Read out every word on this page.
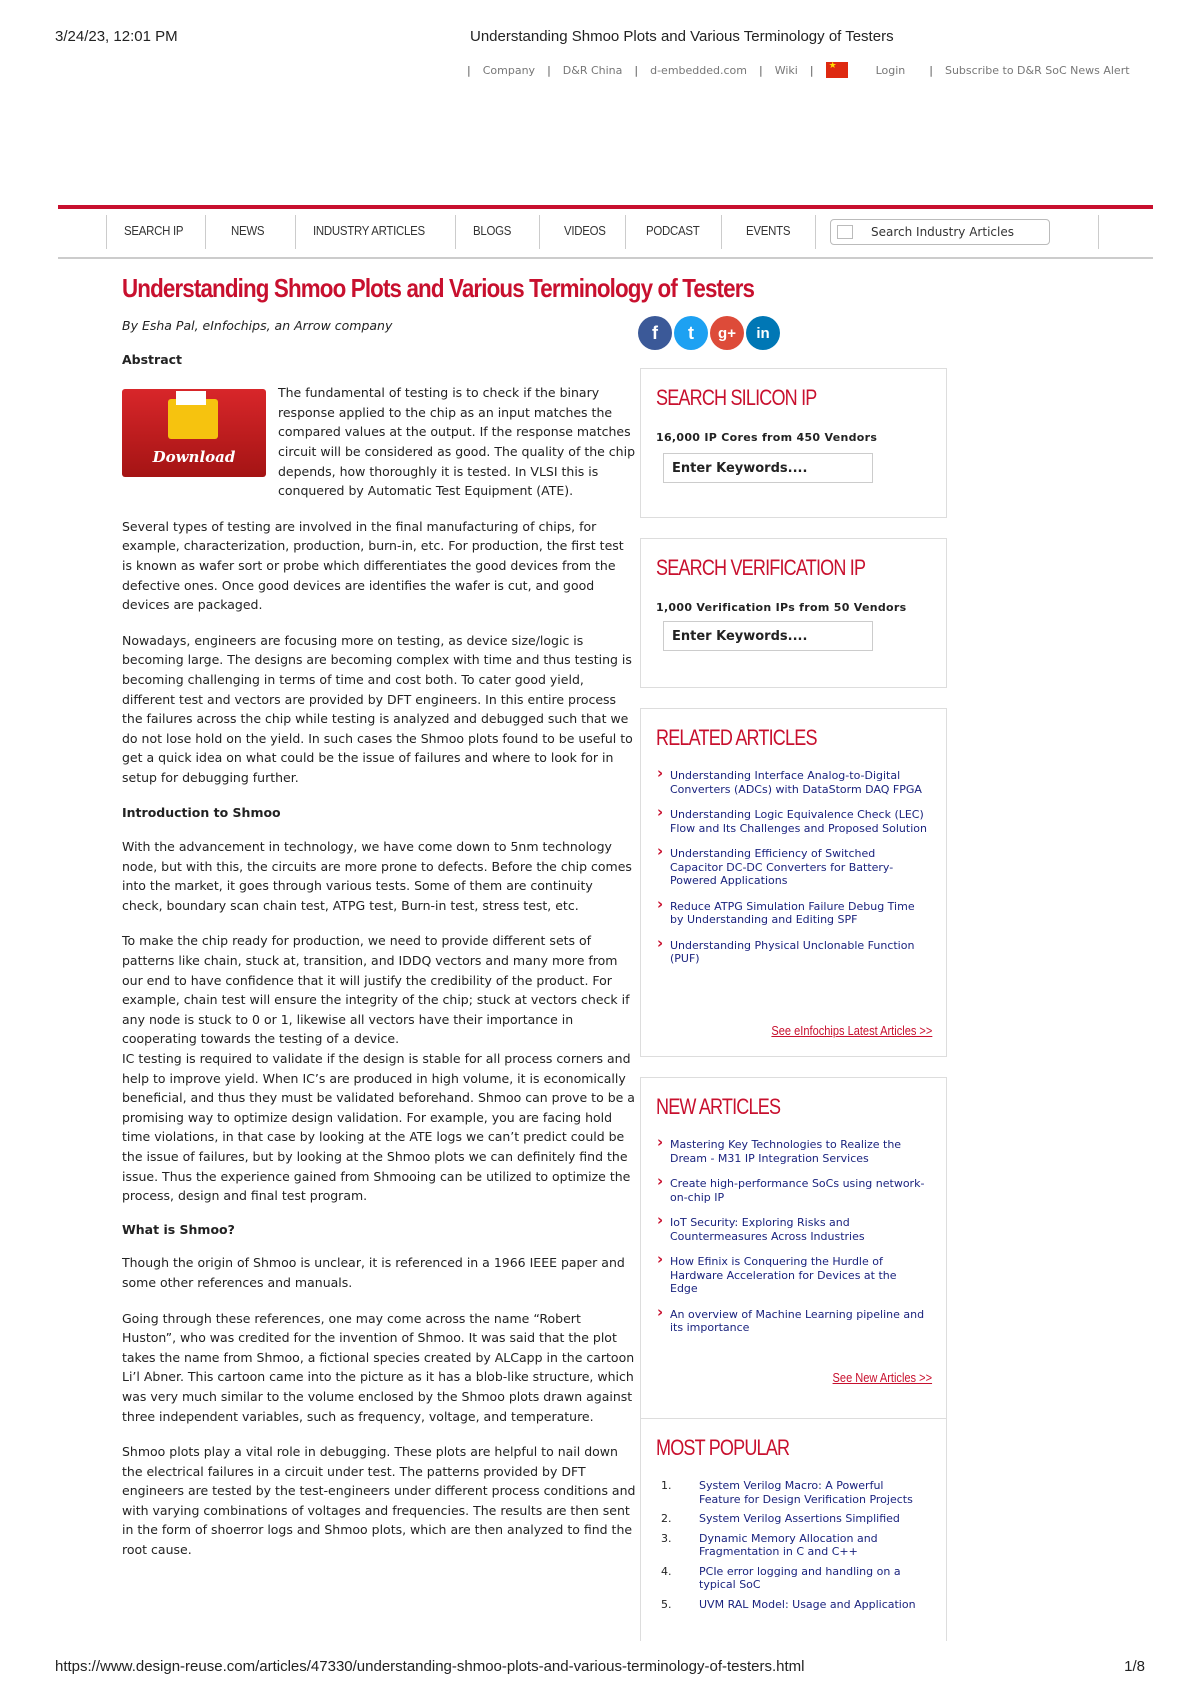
3/24/23, 12:01 PM	Understanding Shmoo Plots and Various Terminology of Testers
| Company | D&R China | d-embedded.com | Wiki |
★	Login | Subscribe to D&R SoC News Alert
SEARCH IP	NEWS	INDUSTRY ARTICLES	BLOGS	VIDEOS	PODCAST	EVENTS	Search Industry Articles
Understanding Shmoo Plots and Various Terminology of Testers
By Esha Pal, eInfochips, an Arrow company
Abstract
Download

The fundamental of testing is to check if the binary response applied to the chip as an input matches the compared values at the output. If the response matches circuit will be considered as good. The quality of the chip depends, how thoroughly it is tested. In VLSI this is conquered by Automatic Test Equipment (ATE).

Several types of testing are involved in the final manufacturing of chips, for example, characterization, production, burn-in, etc. For production, the first test is known as wafer sort or probe which differentiates the good devices from the defective ones. Once good devices are identifies the wafer is cut, and good devices are packaged.

Nowadays, engineers are focusing more on testing, as device size/logic is becoming large. The designs are becoming complex with time and thus testing is becoming challenging in terms of time and cost both. To cater good yield, different test and vectors are provided by DFT engineers. In this entire process the failures across the chip while testing is analyzed and debugged such that we do not lose hold on the yield. In such cases the Shmoo plots found to be useful to get a quick idea on what could be the issue of failures and where to look for in setup for debugging further.

Introduction to Shmoo

With the advancement in technology, we have come down to 5nm technology node, but with this, the circuits are more prone to defects. Before the chip comes into the market, it goes through various tests. Some of them are continuity check, boundary scan chain test, ATPG test, Burn-in test, stress test, etc.

To make the chip ready for production, we need to provide different sets of patterns like chain, stuck at, transition, and IDDQ vectors and many more from our end to have confidence that it will justify the credibility of the product. For example, chain test will ensure the integrity of the chip; stuck at vectors check if any node is stuck to 0 or 1, likewise all vectors have their importance in cooperating towards the testing of a device.

IC testing is required to validate if the design is stable for all process corners and help to improve yield. When IC’s are produced in high volume, it is economically beneficial, and thus they must be validated beforehand. Shmoo can prove to be a promising way to optimize design validation. For example, you are facing hold time violations, in that case by looking at the ATE logs we can’t predict could be the issue of failures, but by looking at the Shmoo plots we can definitely find the issue. Thus the experience gained from Shmooing can be utilized to optimize the process, design and final test program.

What is Shmoo?

Though the origin of Shmoo is unclear, it is referenced in a 1966 IEEE paper and some other references and manuals.

Going through these references, one may come across the name “Robert Huston”, who was credited for the invention of Shmoo. It was said that the plot takes the name from Shmoo, a fictional species created by ALCapp in the cartoon Li’l Abner. This cartoon came into the picture as it has a blob-like structure, which was very much similar to the volume enclosed by the Shmoo plots drawn against three independent variables, such as frequency, voltage, and temperature.

Shmoo plots play a vital role in debugging. These plots are helpful to nail down the electrical failures in a circuit under test. The patterns provided by DFT engineers are tested by the test-engineers under different process conditions and with varying combinations of voltages and frequencies. The results are then sent in the form of shoerror logs and Shmoo plots, which are then analyzed to find the root cause.

f	t	g+	in
SEARCH SILICON IP
16,000 IP Cores from 450 Vendors
Enter Keywords....
SEARCH VERIFICATION IP
1,000 Verification IPs from 50 Vendors
Enter Keywords....
RELATED ARTICLES
› Understanding Interface Analog-to-Digital Converters (ADCs) with DataStorm DAQ FPGA
› Understanding Logic Equivalence Check (LEC) Flow and Its Challenges and Proposed Solution
› Understanding Efficiency of Switched Capacitor DC-DC Converters for Battery-Powered Applications
› Reduce ATPG Simulation Failure Debug Time by Understanding and Editing SPF
› Understanding Physical Unclonable Function (PUF)
See eInfochips Latest Articles >>
NEW ARTICLES
› Mastering Key Technologies to Realize the Dream - M31 IP Integration Services
› Create high-performance SoCs using network-on-chip IP
› IoT Security: Exploring Risks and Countermeasures Across Industries
› How Efinix is Conquering the Hurdle of Hardware Acceleration for Devices at the Edge
› An overview of Machine Learning pipeline and its importance
See New Articles >>
MOST POPULAR
1. System Verilog Macro: A Powerful Feature for Design Verification Projects
2. System Verilog Assertions Simplified
3. Dynamic Memory Allocation and Fragmentation in C and C++
4. PCIe error logging and handling on a typical SoC
5. UVM RAL Model: Usage and Application
https://www.design-reuse.com/articles/47330/understanding-shmoo-plots-and-various-terminology-of-testers.html	1/8
